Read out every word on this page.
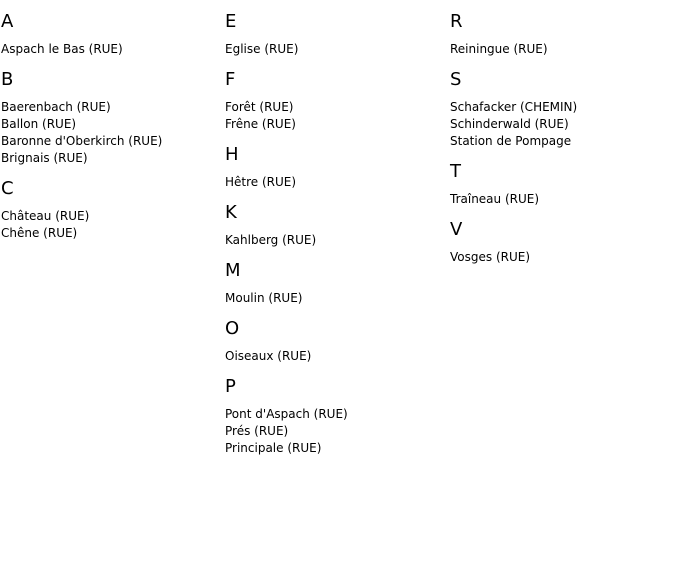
A
Aspach le Bas (RUE)
B
Baerenbach (RUE)
Ballon (RUE)
Baronne d'Oberkirch (RUE)
Brignais (RUE)
C
Château (RUE)
Chêne (RUE)
E
Eglise (RUE)
F
Forêt (RUE)
Frêne (RUE)
H
Hêtre (RUE)
K
Kahlberg (RUE)
M
Moulin (RUE)
O
Oiseaux (RUE)
P
Pont d'Aspach (RUE)
Prés (RUE)
Principale (RUE)
R
Reiningue (RUE)
S
Schafacker (CHEMIN)
Schinderwald (RUE)
Station de Pompage
T
Traîneau (RUE)
V
Vosges (RUE)
